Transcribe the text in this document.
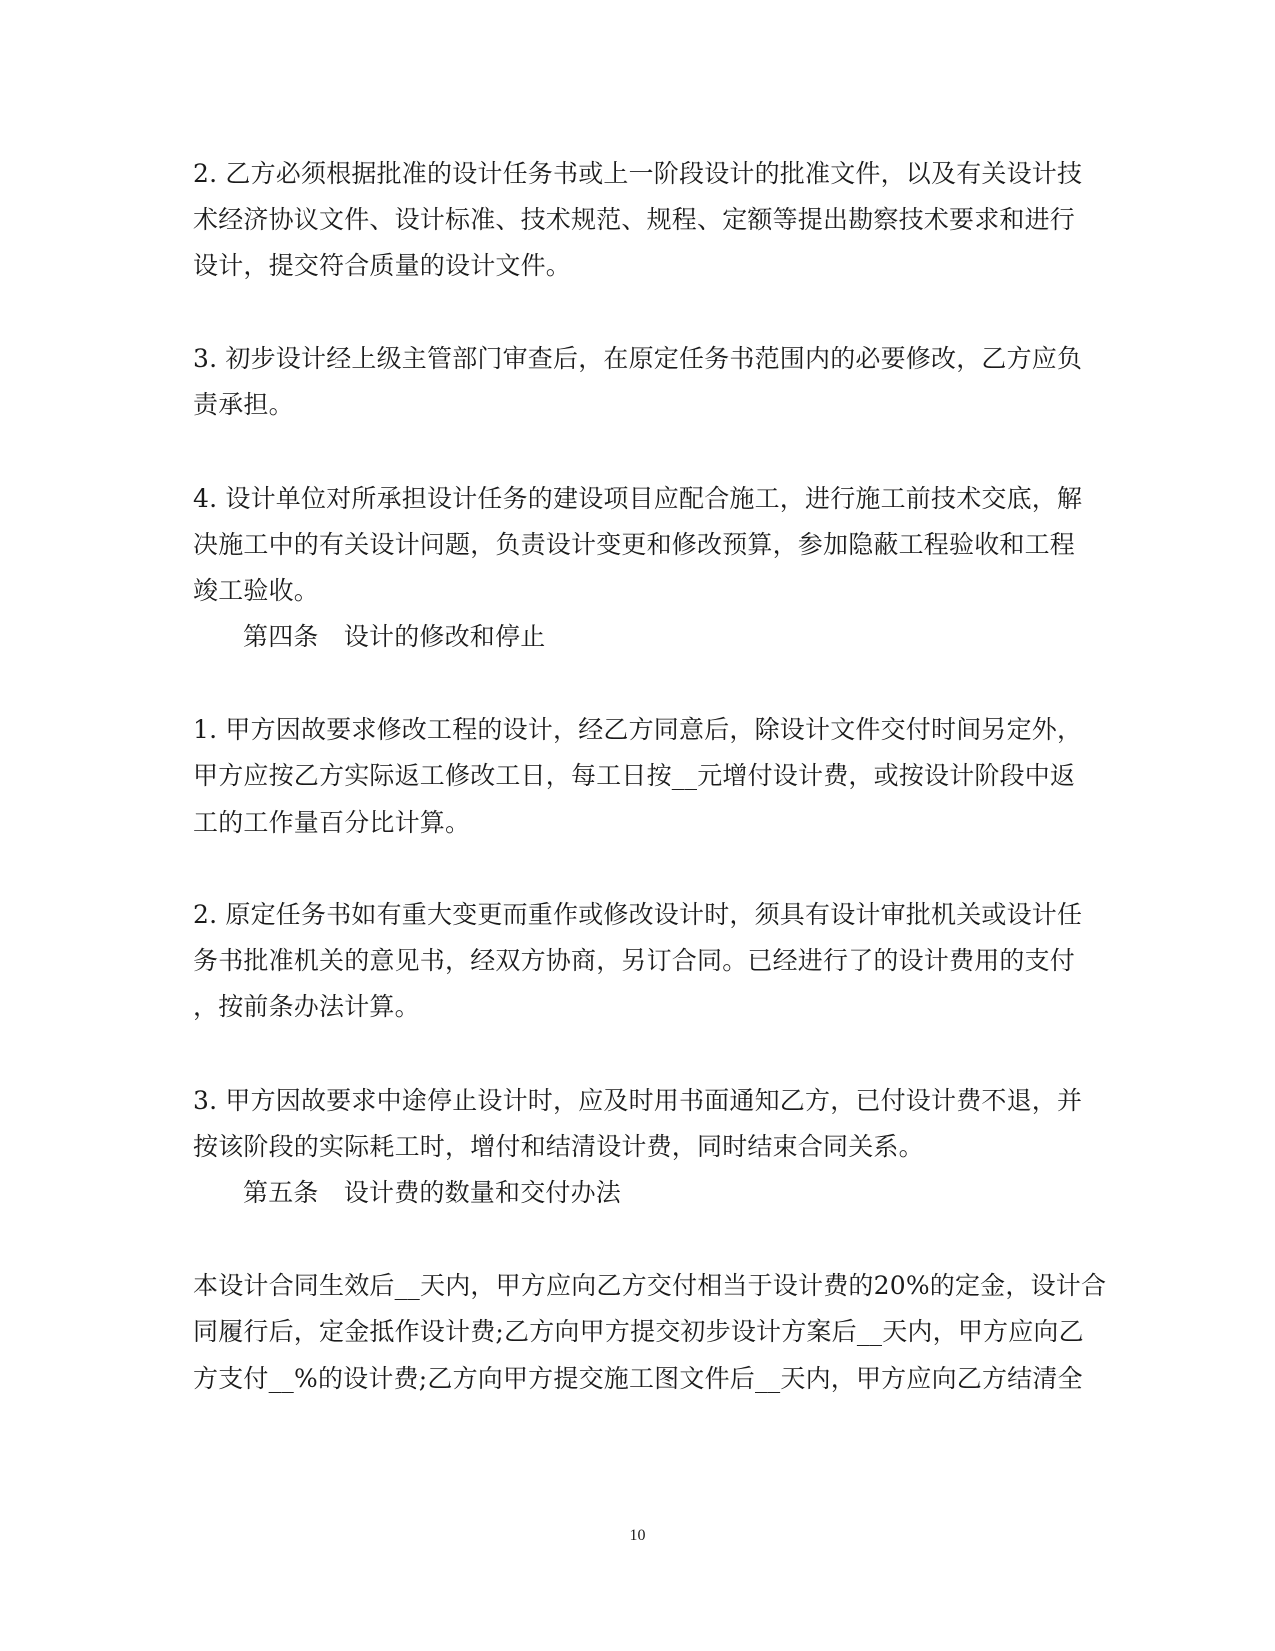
2. 乙方必须根据批准的设计任务书或上一阶段设计的批准文件，以及有关设计技
术经济协议文件、设计标准、技术规范、规程、定额等提出勘察技术要求和进行
设计，提交符合质量的设计文件。
3. 初步设计经上级主管部门审查后，在原定任务书范围内的必要修改，乙方应负
责承担。
4. 设计单位对所承担设计任务的建设项目应配合施工，进行施工前技术交底，解
决施工中的有关设计问题，负责设计变更和修改预算，参加隐蔽工程验收和工程
竣工验收。
第四条　设计的修改和停止
1. 甲方因故要求修改工程的设计，经乙方同意后，除设计文件交付时间另定外，
甲方应按乙方实际返工修改工日，每工日按__元增付设计费，或按设计阶段中返
工的工作量百分比计算。
2. 原定任务书如有重大变更而重作或修改设计时，须具有设计审批机关或设计任
务书批准机关的意见书，经双方协商，另订合同。已经进行了的设计费用的支付
，按前条办法计算。
3. 甲方因故要求中途停止设计时，应及时用书面通知乙方，已付设计费不退，并
按该阶段的实际耗工时，增付和结清设计费，同时结束合同关系。
第五条　设计费的数量和交付办法
本设计合同生效后__天内，甲方应向乙方交付相当于设计费的20%的定金，设计合
同履行后，定金抵作设计费;乙方向甲方提交初步设计方案后__天内，甲方应向乙
方支付__%的设计费;乙方向甲方提交施工图文件后__天内，甲方应向乙方结清全
10
